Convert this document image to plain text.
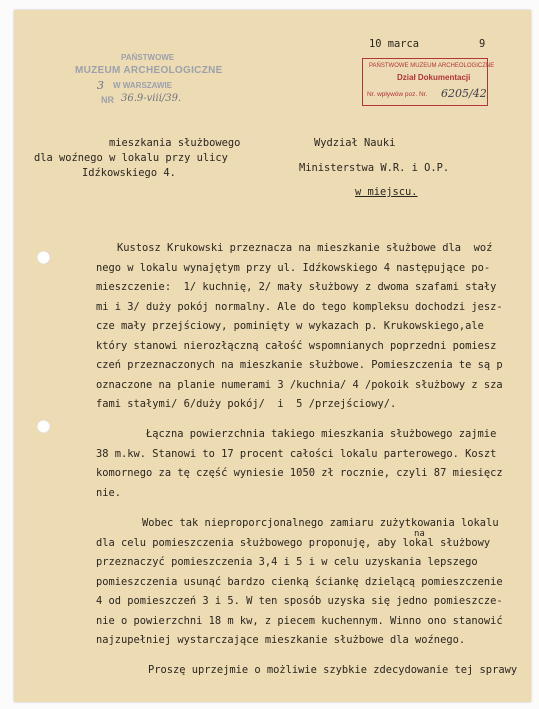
10 marca	9
PAŃSTWOWE
MUZEUM ARCHEOLOGICZNE
3 W WARSZAWIE
NR 36.9-viii/39.
PAŃSTWOWE MUZEUM ARCHEOLOGICZNE
Dział Dokumentacji
Nr. wpływów poz. Nr. 6205/42
mieszkania służbowego
dla woźnego w lokalu przy ulicy
Idźkowskiego 4.
Wydział Nauki
Ministerstwa W.R. i O.P.
w miejscu.
Kustosz Krukowski przeznacza na mieszkanie służbowe dla  woź
nego w lokalu wynajętym przy ul. Idźkowskiego 4 następujące po-
mieszczenie:  1/ kuchnię, 2/ mały służbowy z dwoma szafami stały
mi i 3/ duży pokój normalny. Ale do tego kompleksu dochodzi jesz-
cze mały przejściowy, pominięty w wykazach p. Krukowskiego,ale
który stanowi nierozłączną całość wspomnianych poprzedni pomiesz
czeń przeznaczonych na mieszkanie służbowe. Pomieszczenia te są p
oznaczone na planie numerami 3 /kuchnia/ 4 /pokoik służbowy z sza
fami stałymi/ 6/duży pokój/  i  5 /przejściowy/.
Łączna powierzchnia takiego mieszkania służbowego zajmie
38 m.kw. Stanowi to 17 procent całości lokalu parterowego. Koszt
komornego za tę część wyniesie 1050 zł rocznie, czyli 87 miesięcz
nie.
Wobec tak nieproporcjonalnego zamiaru zużytkowania lokalu
na
dla celu pomieszczenia służbowego proponuję, aby lokal służbowy
przeznaczyć pomieszczenia 3,4 i 5 i w celu uzyskania lepszego
pomieszczenia usunąć bardzo cienką ściankę dzielącą pomieszczenie
4 od pomieszczeń 3 i 5. W ten sposób uzyska się jedno pomieszcze-
nie o powierzchni 18 m kw, z piecem kuchennym. Winno ono stanowić
najzupełniej wystarczające mieszkanie służbowe dla woźnego.
Proszę uprzejmie o możliwie szybkie zdecydowanie tej sprawy
